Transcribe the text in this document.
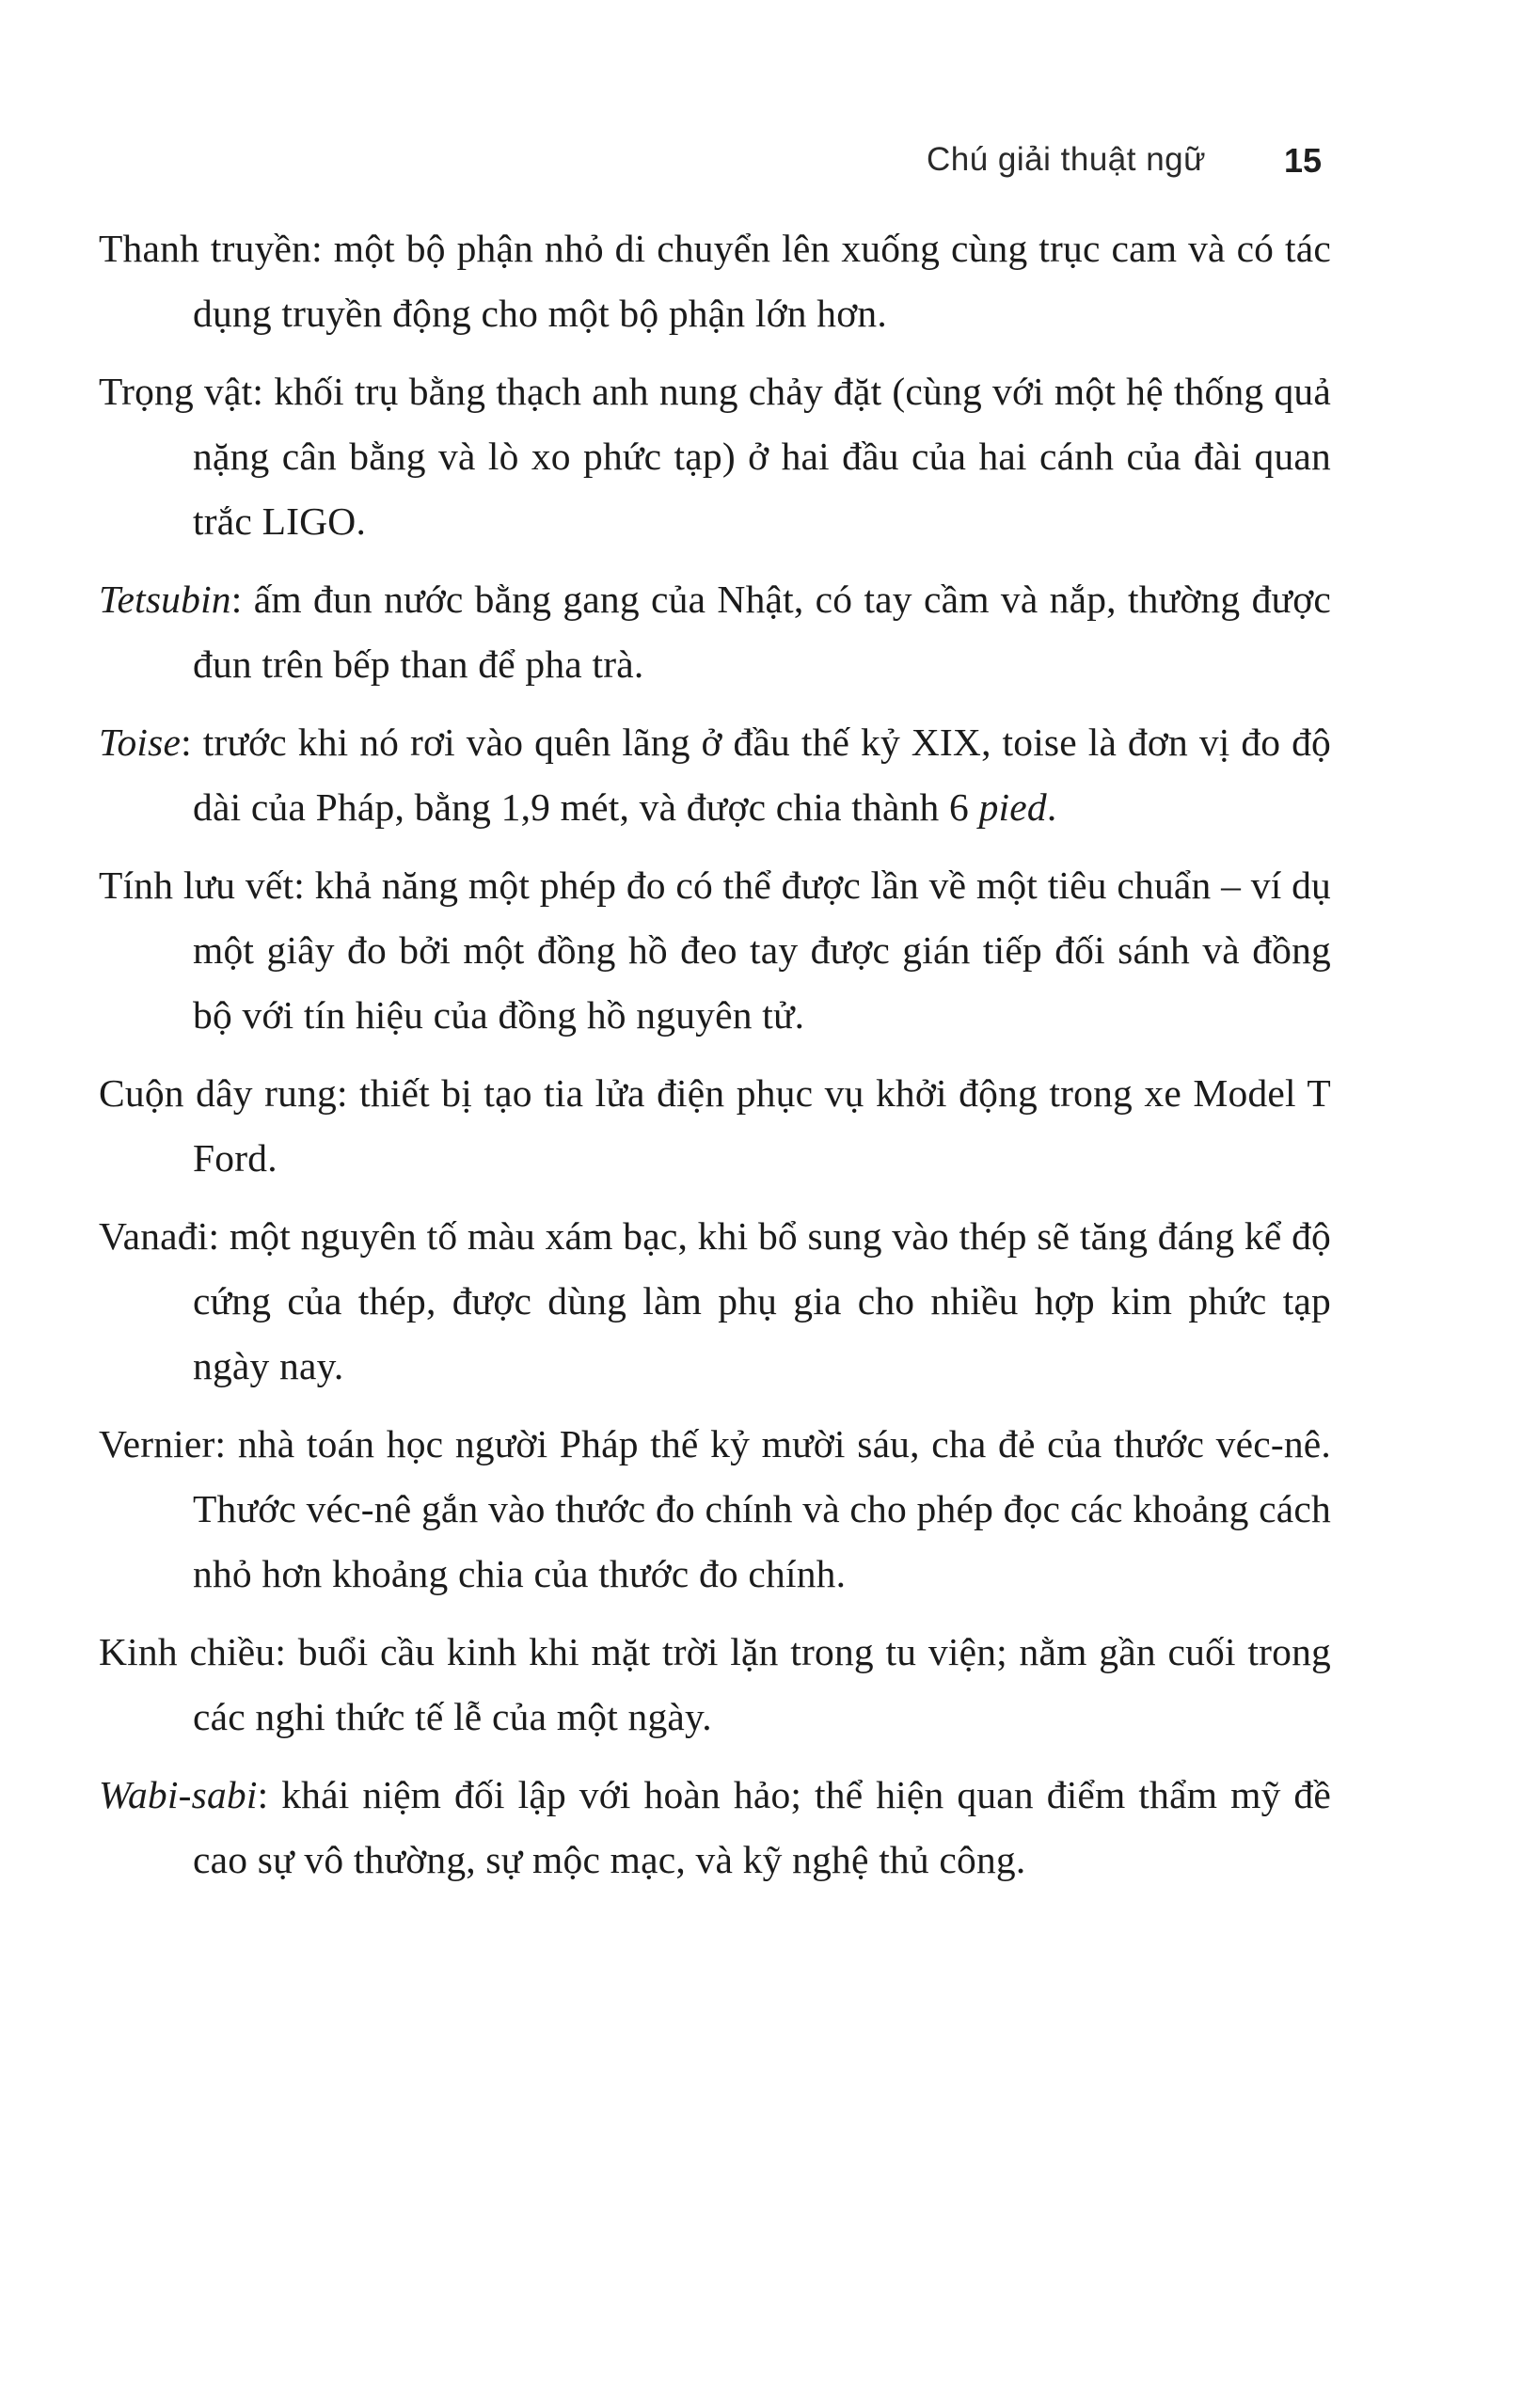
Chú giải thuật ngữ 15

Thanh truyền: một bộ phận nhỏ di chuyển lên xuống cùng trục cam và có tác dụng truyền động cho một bộ phận lớn hơn.

Trọng vật: khối trụ bằng thạch anh nung chảy đặt (cùng với một hệ thống quả nặng cân bằng và lò xo phức tạp) ở hai đầu của hai cánh của đài quan trắc LIGO.

Tetsubin: ấm đun nước bằng gang của Nhật, có tay cầm và nắp, thường được đun trên bếp than để pha trà.

Toise: trước khi nó rơi vào quên lãng ở đầu thế kỷ XIX, toise là đơn vị đo độ dài của Pháp, bằng 1,9 mét, và được chia thành 6 pied.

Tính lưu vết: khả năng một phép đo có thể được lần về một tiêu chuẩn – ví dụ một giây đo bởi một đồng hồ đeo tay được gián tiếp đối sánh và đồng bộ với tín hiệu của đồng hồ nguyên tử.

Cuộn dây rung: thiết bị tạo tia lửa điện phục vụ khởi động trong xe Model T Ford.

Vanađi: một nguyên tố màu xám bạc, khi bổ sung vào thép sẽ tăng đáng kể độ cứng của thép, được dùng làm phụ gia cho nhiều hợp kim phức tạp ngày nay.

Vernier: nhà toán học người Pháp thế kỷ mười sáu, cha đẻ của thước véc-nê. Thước véc-nê gắn vào thước đo chính và cho phép đọc các khoảng cách nhỏ hơn khoảng chia của thước đo chính.

Kinh chiều: buổi cầu kinh khi mặt trời lặn trong tu viện; nằm gần cuối trong các nghi thức tế lễ của một ngày.

Wabi-sabi: khái niệm đối lập với hoàn hảo; thể hiện quan điểm thẩm mỹ đề cao sự vô thường, sự mộc mạc, và kỹ nghệ thủ công.
